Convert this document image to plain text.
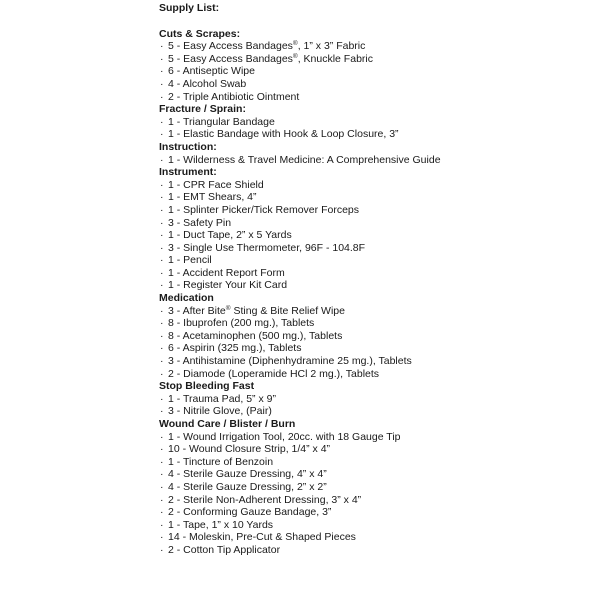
Supply List:
Cuts & Scrapes:
· 5 - Easy Access Bandages®, 1” x 3” Fabric
· 5 - Easy Access Bandages®, Knuckle Fabric
· 6 - Antiseptic Wipe
· 4 - Alcohol Swab
· 2 - Triple Antibiotic Ointment
Fracture / Sprain:
· 1 - Triangular Bandage
· 1 - Elastic Bandage with Hook & Loop Closure, 3”
Instruction:
· 1 - Wilderness & Travel Medicine: A Comprehensive Guide
Instrument:
· 1 - CPR Face Shield
· 1 - EMT Shears, 4”
· 1 - Splinter Picker/Tick Remover Forceps
· 3 - Safety Pin
· 1 - Duct Tape, 2” x 5 Yards
· 3 - Single Use Thermometer, 96F - 104.8F
· 1 - Pencil
· 1 - Accident Report Form
· 1 - Register Your Kit Card
Medication
· 3 - After Bite® Sting & Bite Relief Wipe
· 8 - Ibuprofen (200 mg.), Tablets
· 8 - Acetaminophen (500 mg.), Tablets
· 6 - Aspirin (325 mg.), Tablets
· 3 - Antihistamine (Diphenhydramine 25 mg.), Tablets
· 2 - Diamode (Loperamide HCl 2 mg.), Tablets
Stop Bleeding Fast
· 1 - Trauma Pad, 5” x 9”
· 3 - Nitrile Glove, (Pair)
Wound Care / Blister / Burn
· 1 - Wound Irrigation Tool, 20cc. with 18 Gauge Tip
· 10 - Wound Closure Strip, 1/4” x 4”
· 1 - Tincture of Benzoin
· 4 - Sterile Gauze Dressing, 4” x 4”
· 4 - Sterile Gauze Dressing, 2” x 2”
· 2 - Sterile Non-Adherent Dressing, 3” x 4”
· 2 - Conforming Gauze Bandage, 3”
· 1 - Tape, 1” x 10 Yards
· 14 - Moleskin, Pre-Cut & Shaped Pieces
· 2 - Cotton Tip Applicator
